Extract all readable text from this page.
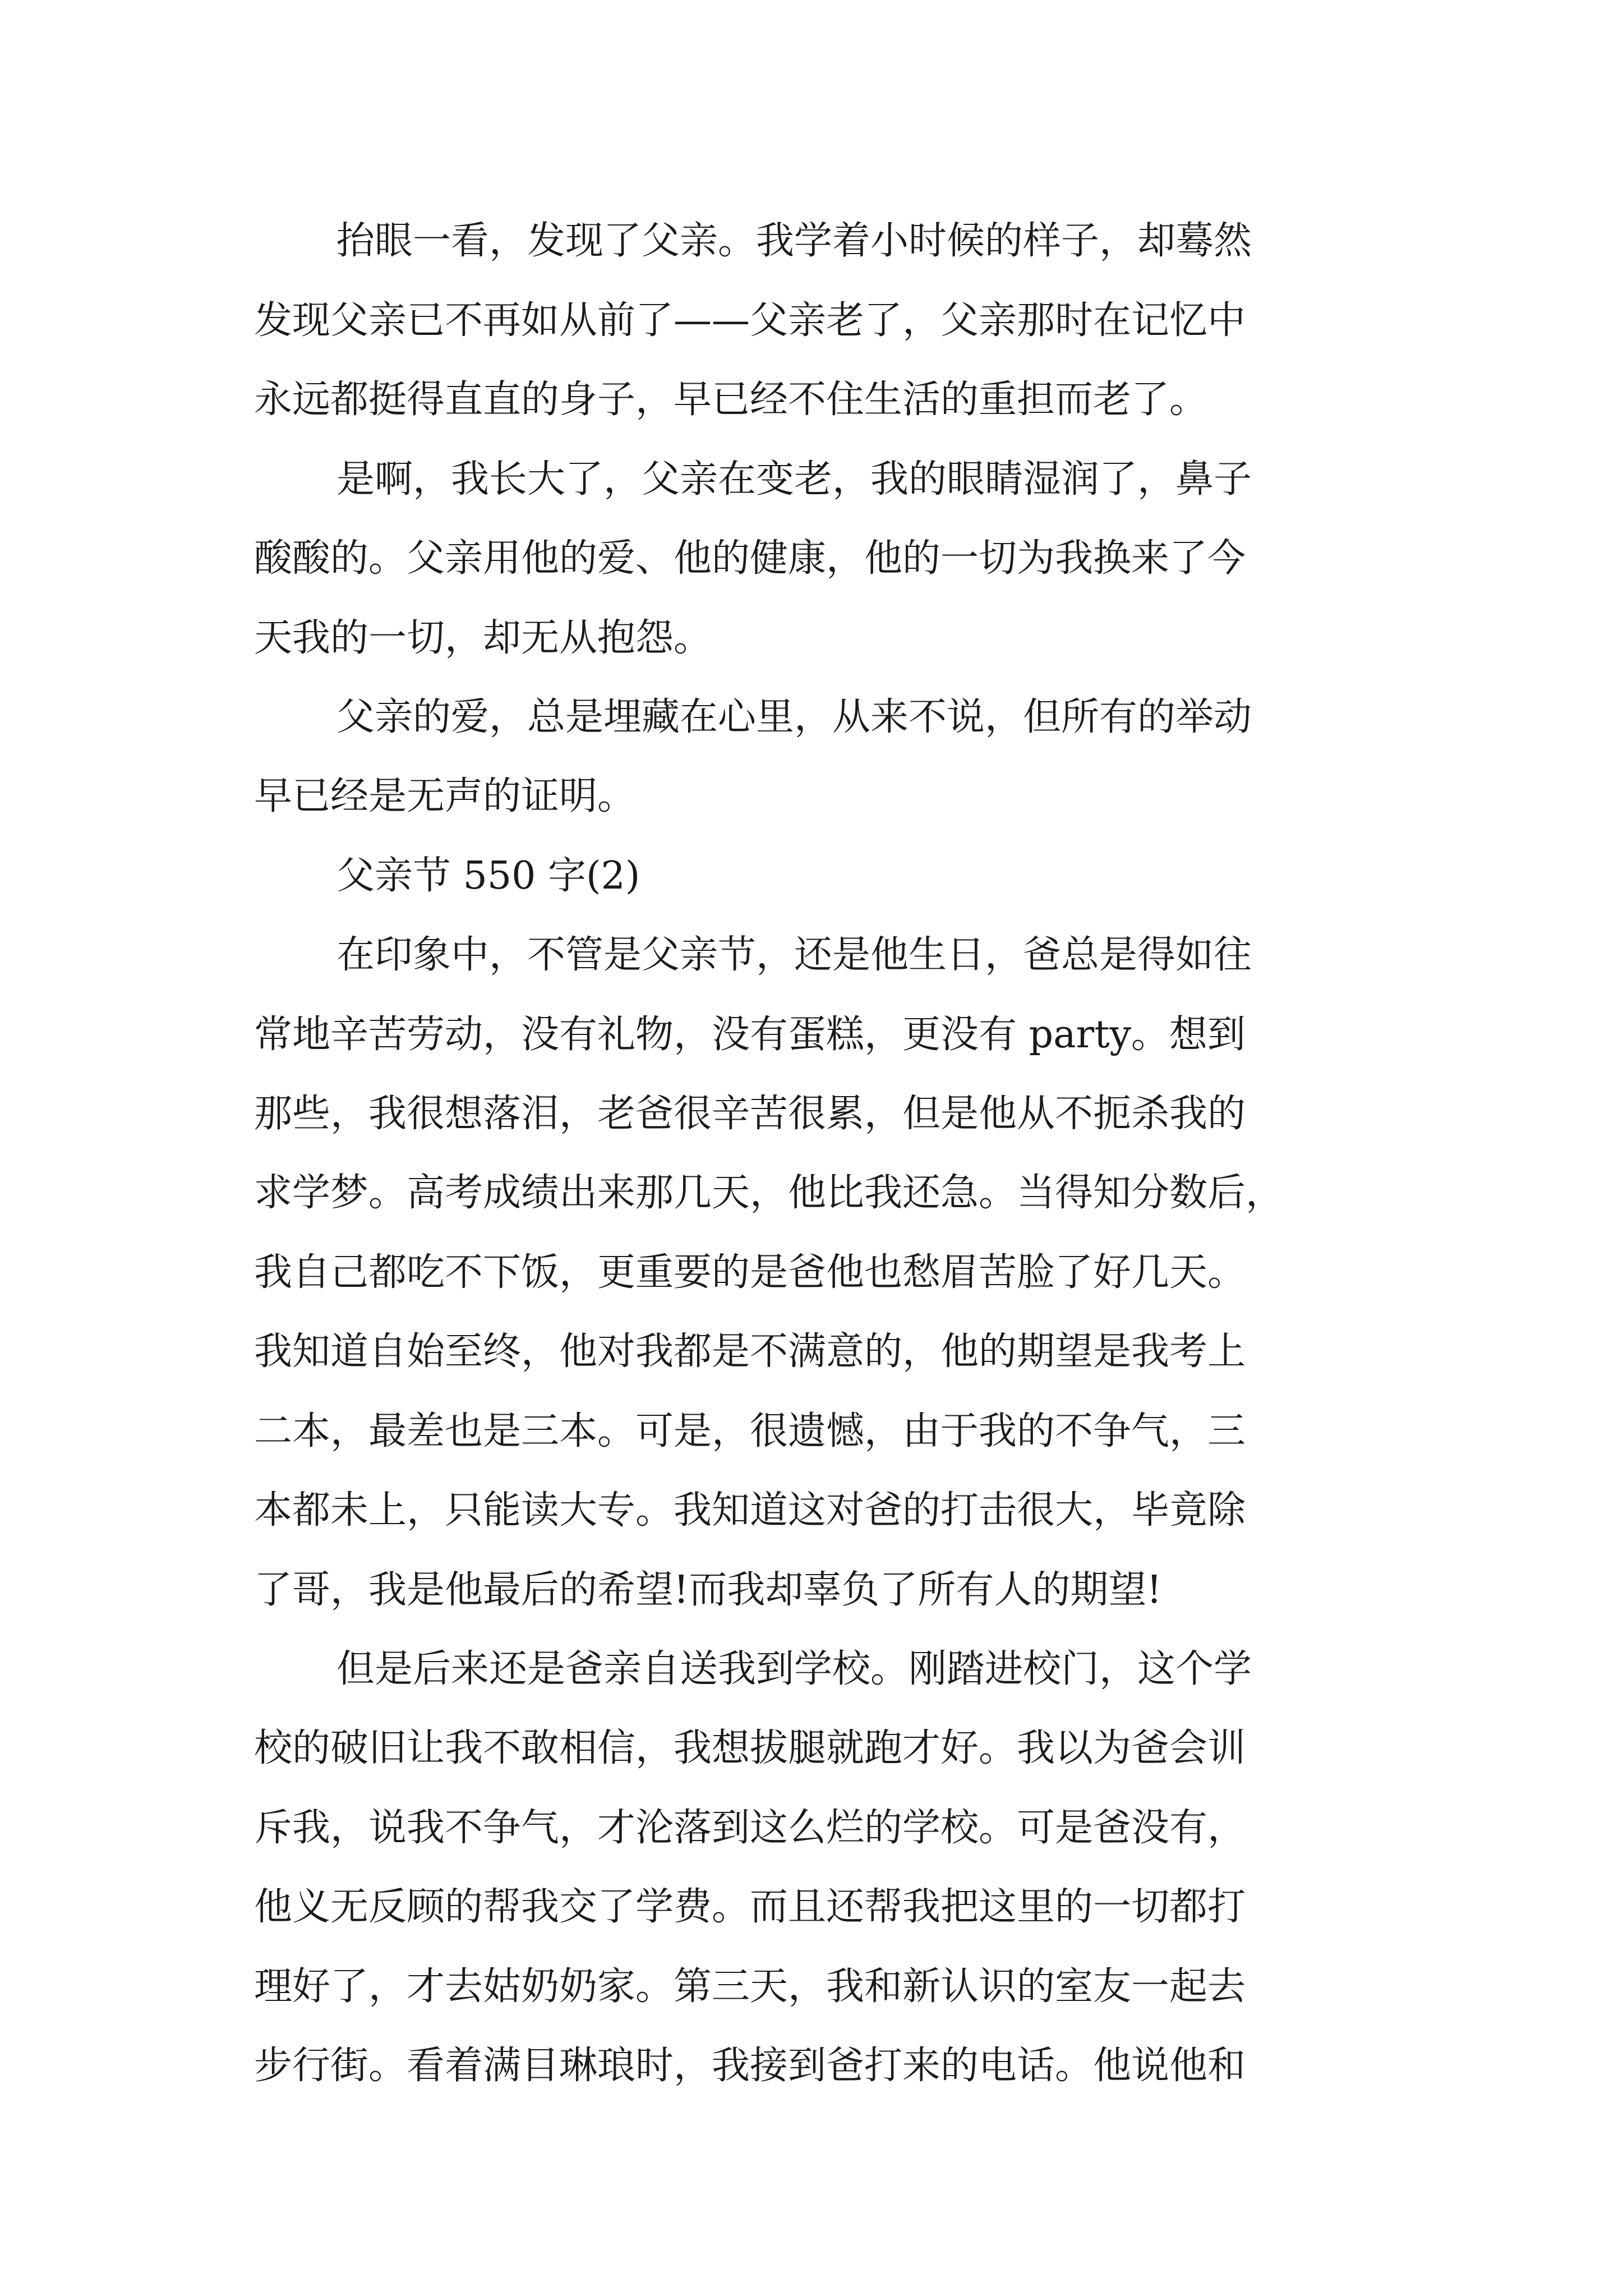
抬眼一看，发现了父亲。我学着小时候的样子，却蓦然
发现父亲已不再如从前了——父亲老了，父亲那时在记忆中
永远都挺得直直的身子，早已经不住生活的重担而老了。
是啊，我长大了，父亲在变老，我的眼睛湿润了，鼻子
酸酸的。父亲用他的爱、他的健康，他的一切为我换来了今
天我的一切，却无从抱怨。
父亲的爱，总是埋藏在心里，从来不说，但所有的举动
早已经是无声的证明。
父亲节 550 字(2)
在印象中，不管是父亲节，还是他生日，爸总是得如往
常地辛苦劳动，没有礼物，没有蛋糕，更没有 party。想到
那些，我很想落泪，老爸很辛苦很累，但是他从不扼杀我的
求学梦。高考成绩出来那几天，他比我还急。当得知分数后，
我自己都吃不下饭，更重要的是爸他也愁眉苦脸了好几天。
我知道自始至终，他对我都是不满意的，他的期望是我考上
二本，最差也是三本。可是，很遗憾，由于我的不争气，三
本都未上，只能读大专。我知道这对爸的打击很大，毕竟除
了哥，我是他最后的希望!而我却辜负了所有人的期望!
但是后来还是爸亲自送我到学校。刚踏进校门，这个学
校的破旧让我不敢相信，我想拔腿就跑才好。我以为爸会训
斥我，说我不争气，才沦落到这么烂的学校。可是爸没有，
他义无反顾的帮我交了学费。而且还帮我把这里的一切都打
理好了，才去姑奶奶家。第三天，我和新认识的室友一起去
步行街。看着满目琳琅时，我接到爸打来的电话。他说他和
